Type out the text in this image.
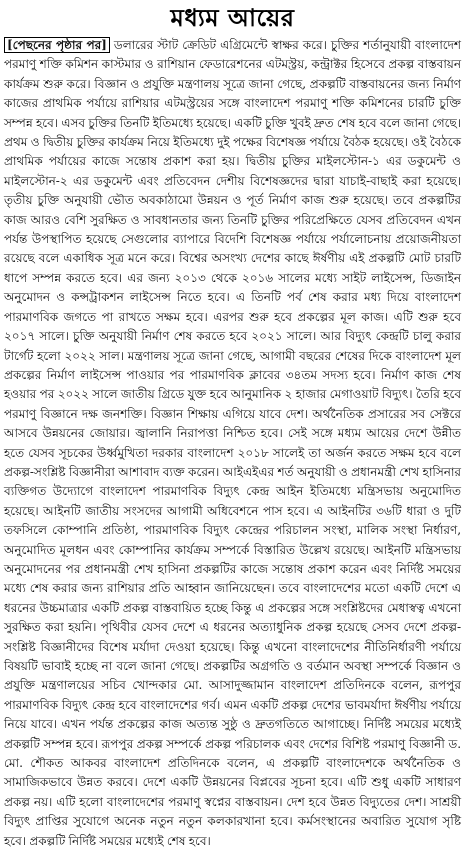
মধ্যম আয়ের

[পেছনের পৃষ্ঠার পর] ডলারের স্টাট ক্রেডিট এগ্রিমেন্টে স্বাক্ষর করে। চুক্তির শর্তানুযায়ী বাংলাদেশ পরমাণু শক্তি কমিশন কাস্টমার ও রাশিয়ান ফেডারেশনের এটমস্ট্রয়, কন্ট্রাক্টর হিসেবে প্রকল্প বাস্তবায়ন কার্যক্রম শুরু করে। বিজ্ঞান ও প্রযুক্তি মন্ত্রণালয় সূত্রে জানা গেছে, প্রকল্পটি বাস্তবায়নের জন্য নির্মাণ কাজের প্রাথমিক পর্যায়ে রাশিয়ার এটমস্ট্রয়ের সঙ্গে বাংলাদেশ পরমাণু শক্তি কমিশনের চারটি চুক্তি সম্পন্ন হবে। এসব চুক্তির তিনটি ইতিমধ্যে হয়েছে। একটি চুক্তি খুবই দ্রুত শেষ হবে বলে জানা গেছে। প্রথম ও দ্বিতীয় চুক্তির কার্যক্রম নিয়ে ইতিমধ্যে দুই পক্ষের বিশেষজ্ঞ পর্যায়ে বৈঠক হয়েছে। ওই বৈঠকে প্রাথমিক পর্যায়ের কাজে সন্তোষ প্রকাশ করা হয়। দ্বিতীয় চুক্তির মাইলস্টোন-১ এর ডকুমেন্ট ও মাইলস্টোন-২ এর ডকুমেন্ট এবং প্রতিবেদন দেশীয় বিশেষজ্ঞদের দ্বারা যাচাই-বাছাই করা হয়েছে। তৃতীয় চুক্তি অনুযায়ী ভৌত অবকাঠামো উন্নয়ন ও পূর্ত নির্মাণ কাজ শুরু হয়েছে। তবে প্রকল্পটির কাজ আরও বেশি সুরক্ষিত ও সাবধানতার জন্য তিনটি চুক্তির পরিপ্রেক্ষিতে যেসব প্রতিবেদন এখন পর্যন্ত উপস্থাপিত হয়েছে সেগুলোর ব্যাপারে বিদেশি বিশেষজ্ঞ পর্যায়ে পর্যালোচনায় প্রয়োজনীয়তা রয়েছে বলে একাধিক সূত্র মনে করে। বিশ্বের অসংখ্য দেশের কাছে ঈর্ষণীয় এই প্রকল্পটি মোট চারটি ধাপে সম্পন্ন করতে হবে। এর জন্য ২০১৩ থেকে ২০১৬ সালের মধ্যে সাইট লাইসেন্স, ডিজাইন অনুমোদন ও কন্সট্রাকশন লাইসেন্স নিতে হবে। এ তিনটি পর্ব শেষ করার মধ্য দিয়ে বাংলাদেশ পারমাণবিক জগতে পা রাখতে সক্ষম হবে। এরপর শুরু হবে প্রকল্পের মূল কাজ। এটি শুরু হবে ২০১৭ সালে। চুক্তি অনুযায়ী নির্মাণ শেষ করতে হবে ২০২১ সালে। আর বিদ্যুৎ কেন্দ্রটি চালু করার টার্গেট হলো ২০২২ সাল। মন্ত্রণালয় সূত্রে জানা গেছে, আগামী বছরের শেষের দিকে বাংলাদেশ মূল প্রকল্পের নির্মাণ লাইসেন্স পাওয়ার পর পারমাণবিক ক্লাবের ৩৪তম সদস্য হবে। নির্মাণ কাজ শেষ হওয়ার পর ২০২২ সালে জাতীয় গ্রিডে যুক্ত হবে আনুমানিক ২ হাজার মেগাওয়াট বিদ্যুৎ। তৈরি হবে পরমাণু বিজ্ঞানে দক্ষ জনশক্তি। বিজ্ঞান শিক্ষায় এগিয়ে যাবে দেশ। অর্থনৈতিক প্রসারের সব সেক্টরে আসবে উন্নয়নের জোয়ার। জ্বালানি নিরাপত্তা নিশ্চিত হবে। সেই সঙ্গে মধ্যম আয়ের দেশে উন্নীত হতে যেসব সূচকের উর্ধ্বমুখিতা দরকার বাংলাদেশ ২০১৮ সালেই তা অর্জন করতে সক্ষম হবে বলে প্রকল্প-সংশ্লিষ্ট বিজ্ঞানীরা আশাবাদ ব্যক্ত করেন। আইএইএর শর্ত অনুযায়ী ও প্রধানমন্ত্রী শেখ হাসিনার ব্যক্তিগত উদ্যোগে বাংলাদেশ পারমাণবিক বিদ্যুৎ কেন্দ্র আইন ইতিমধ্যে মন্ত্রিসভায় অনুমোদিত হয়েছে। আইনটি জাতীয় সংসদের আগামী অধিবেশনে পাস হবে। এ আইনটির ৩৬টি ধারা ও দুটি তফসিলে কোম্পানি প্রতিষ্ঠা, পারমাণবিক বিদ্যুৎ কেন্দ্রের পরিচালন সংস্থা, মালিক সংস্থা নির্ধারণ, অনুমোদিত মূলধন এবং কোম্পানির কার্যক্রম সম্পর্কে বিস্তারিত উল্লেখ রয়েছে। আইনটি মন্ত্রিসভায় অনুমোদনের পর প্রধানমন্ত্রী শেখ হাসিনা প্রকল্পটির কাজে সন্তোষ প্রকাশ করেন এবং নির্দিষ্ট সময়ের মধ্যে শেষ করার জন্য রাশিয়ার প্রতি আহ্বান জানিয়েছেন। তবে বাংলাদেশের মতো একটি দেশে এ ধরনের উচ্চমাত্রার একটি প্রকল্প বাস্তবায়িত হচ্ছে কিন্তু এ প্রকল্পের সঙ্গে সংশ্লিষ্টদের মেধাস্বত্ব এখনো সুরক্ষিত করা হয়নি। পৃথিবীর যেসব দেশে এ ধরনের অত্যাধুনিক প্রকল্প হয়েছে সেসব দেশে প্রকল্প-সংশ্লিষ্ট বিজ্ঞানীদের বিশেষ মর্যাদা দেওয়া হয়েছে। কিন্তু এখনো বাংলাদেশের নীতিনির্ধারণী পর্যায়ে বিষয়টি ভাবাই হচ্ছে না বলে জানা গেছে। প্রকল্পটির অগ্রগতি ও বর্তমান অবস্থা সম্পর্কে বিজ্ঞান ও প্রযুক্তি মন্ত্রণালয়ের সচিব খোন্দকার মো. আসাদুজ্জামান বাংলাদেশ প্রতিদিনকে বলেন, রূপপুর পারমাণবিক বিদ্যুৎ কেন্দ্র হবে বাংলাদেশের গর্ব। এমন একটি প্রকল্প দেশের ভাবমর্যাদা ঈর্ষণীয় পর্যায়ে নিয়ে যাবে। এখন পর্যন্ত প্রকল্পের কাজ অত্যন্ত সুষ্ঠু ও দ্রুতগতিতে আগাচ্ছে। নির্দিষ্ট সময়ের মধ্যেই প্রকল্পটি সম্পন্ন হবে। রূপপুর প্রকল্প সম্পর্কে প্রকল্প পরিচালক এবং দেশের বিশিষ্ট পরমাণু বিজ্ঞানী ড. মো. শৌকত আকবর বাংলাদেশ প্রতিদিনকে বলেন, এ প্রকল্পটি বাংলাদেশকে অর্থনৈতিক ও সামাজিকভাবে উন্নত করবে। দেশে একটি উন্নয়নের বিপ্লবের সূচনা হবে। এটি শুধু একটি সাধারণ প্রকল্প নয়। এটি হলো বাংলাদেশের পরমাণু স্বপ্নের বাস্তবায়ন। দেশ হবে উন্নত বিদ্যুতের দেশ। সাশ্রয়ী বিদ্যুৎ প্রাপ্তির সুযোগে অনেক নতুন নতুন কলকারখানা হবে। কর্মসংস্থানের অবারিত সুযোগ সৃষ্টি হবে। প্রকল্পটি নির্দিষ্ট সময়ের মধ্যেই শেষ হবে।
